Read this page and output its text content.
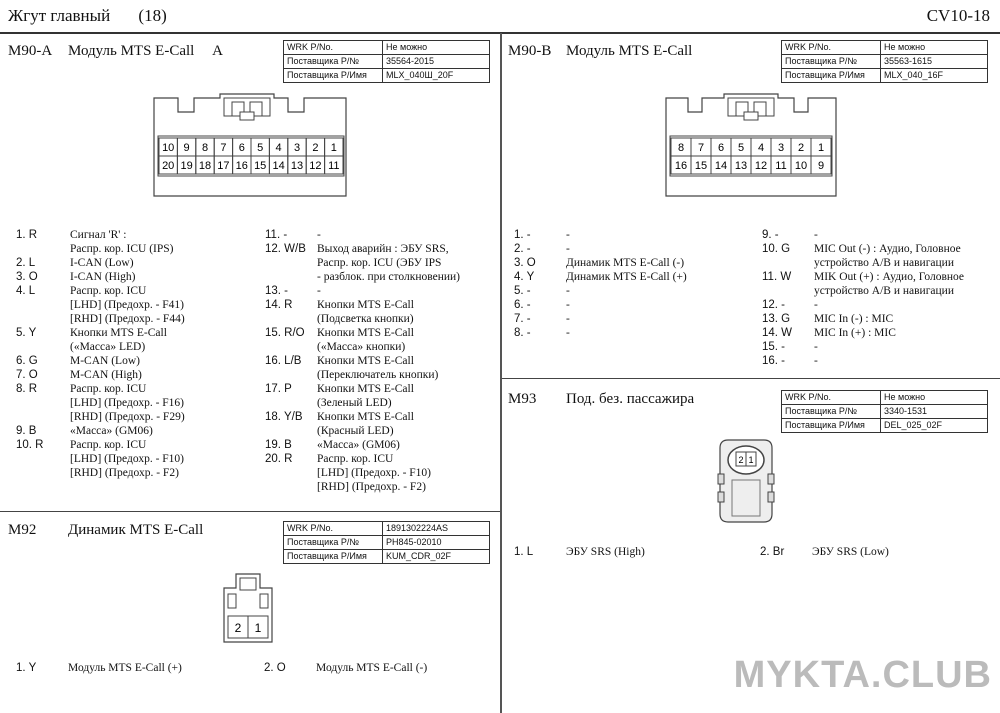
Жгут главный (18)	CV10-18
M90-A Модуль MTS E-Call A	WRK P/No.	Не можно
Поставщика Р/№	35564-2015
Поставщика Р/Имя	MLX_040Ш_20F
10 9 8 7 6 5 4 3 2 1
20 19 18 17 16 15 14 13 12 11
1. R	Сигнал 'R' :
Распр. кор. ICU (IPS)
2. L	I-CAN (Low)
3. O	I-CAN (High)
4. L	Распр. кор. ICU
[LHD] (Предохр. - F41)
[RHD] (Предохр. - F44)
5. Y	Кнопки MTS E-Call
(«Масса» LED)
6. G	M-CAN (Low)
7. O	M-CAN (High)
8. R	Распр. кор. ICU
[LHD] (Предохр. - F16)
[RHD] (Предохр. - F29)
9. B	«Масса» (GM06)
10. R	Распр. кор. ICU
[LHD] (Предохр. - F10)
[RHD] (Предохр. - F2)
11. -	-
12. W/B Выход аварийн : ЭБУ SRS,
Распр. кор. ICU (ЭБУ IPS
- разблок. при столкновении)
13. -	-
14. R	Кнопки MTS E-Call
(Подсветка кнопки)
15. R/O	Кнопки MTS E-Call
(«Масса» кнопки)
16. L/B	Кнопки MTS E-Call
(Переключатель кнопки)
17. P	Кнопки MTS E-Call
(Зеленый LED)
18. Y/B	Кнопки MTS E-Call
(Красный LED)
19. B	«Масса» (GM06)
20. R	Распр. кор. ICU
[LHD] (Предохр. - F10)
[RHD] (Предохр. - F2)
M92 Динамик MTS E-Call	WRK P/No.	1891302224AS
Поставщика Р/№	PH845-02010
Поставщика Р/Имя	KUM_CDR_02F
2 1
1. Y	Модуль MTS E-Call (+)	2. O	Модуль MTS E-Call (-)
M90-B Модуль MTS E-Call	WRK P/No.	Не можно
Поставщика Р/№	35563-1615
Поставщика Р/Имя	MLX_040_16F
8 7 6 5 4 3 2 1
16 15 14 13 12 11 10 9
1. -	-
2. -	-
3. O	Динамик MTS E-Call (-)
4. Y	Динамик MTS E-Call (+)
5. -	-
6. -	-
7. -	-
8. -	-
9. -	-
10. G	MIC Out (-) : Аудио, Головное
устройство A/B и навигации
11. W	MIK Out (+) : Аудио, Головное
устройство A/B и навигации
12. -	-
13. G	MIC In (-) : MIC
14. W	MIC In (+) : MIC
15. -	-
16. -	-
M93 Под. без. пассажира	WRK P/No.	Не можно
Поставщика Р/№	3340-1531
Поставщика Р/Имя	DEL_025_02F
2 1
1. L	ЭБУ SRS (High)	2. Br	ЭБУ SRS (Low)
MYKTA.CLUB
